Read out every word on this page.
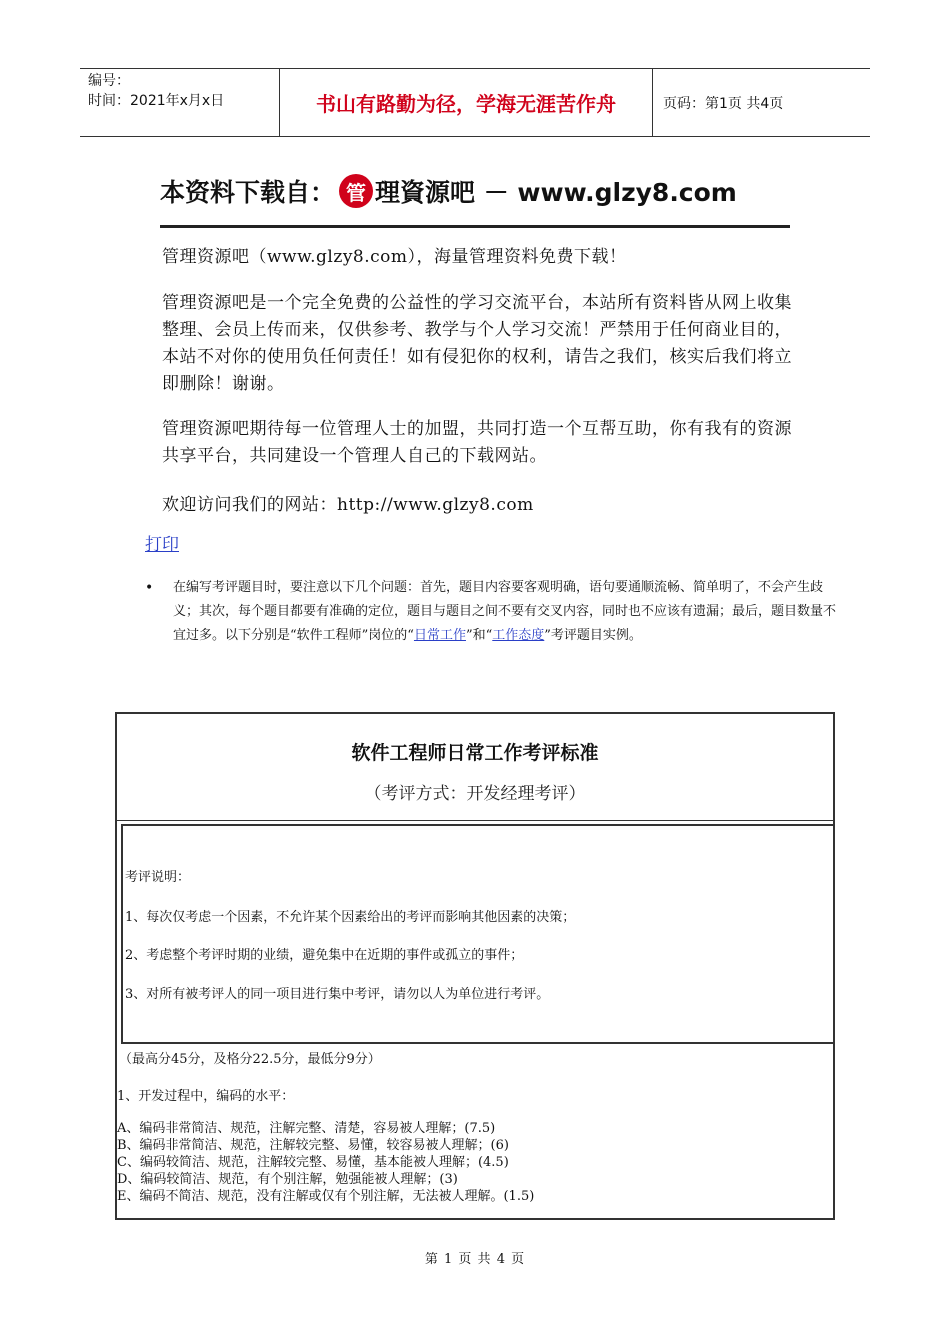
编号：
时间：2021年x月x日	书山有路勤为径，学海无涯苦作舟	页码：第1页 共4页
本资料下载自： 管 理資源吧 － www.glzy8.com
管理资源吧（www.glzy8.com），海量管理资料免费下载！
管理资源吧是一个完全免费的公益性的学习交流平台，本站所有资料皆从网上收集整理、会员上传而来，仅供参考、教学与个人学习交流！严禁用于任何商业目的，本站不对你的使用负任何责任！如有侵犯你的权利，请告之我们，核实后我们将立即删除！谢谢。
管理资源吧期待每一位管理人士的加盟，共同打造一个互帮互助，你有我有的资源共享平台，共同建设一个管理人自己的下载网站。
欢迎访问我们的网站：http://www.glzy8.com
打印
• 在编写考评题目时，要注意以下几个问题：首先，题目内容要客观明确，语句要通顺流畅、简单明了，不会产生歧义；其次，每个题目都要有准确的定位，题目与题目之间不要有交叉内容，同时也不应该有遗漏；最后，题目数量不宜过多。以下分别是“软件工程师”岗位的“日常工作”和“工作态度”考评题目实例。
软件工程师日常工作考评标准
（考评方式：开发经理考评）

考评说明：

1、每次仅考虑一个因素，不允许某个因素给出的考评而影响其他因素的决策；

2、考虑整个考评时期的业绩，避免集中在近期的事件或孤立的事件；

3、对所有被考评人的同一项目进行集中考评，请勿以人为单位进行考评。

（最高分45分，及格分22.5分，最低分9分）
1、开发过程中，编码的水平：
A、编码非常简洁、规范，注解完整、清楚，容易被人理解；(7.5)
B、编码非常简洁、规范，注解较完整、易懂，较容易被人理解；(6)
C、编码较简洁、规范，注解较完整、易懂，基本能被人理解；(4.5)
D、编码较简洁、规范，有个别注解，勉强能被人理解；(3)
E、编码不简洁、规范，没有注解或仅有个别注解，无法被人理解。(1.5)
第 1 页 共 4 页
